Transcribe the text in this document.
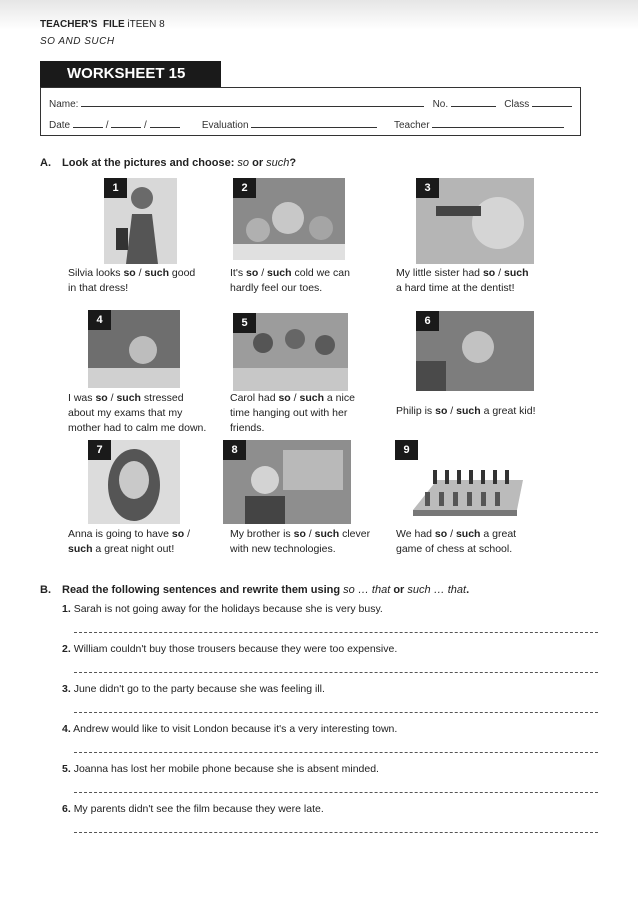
TEACHER'S FILE iTEEN 8
SO AND SUCH
WORKSHEET 15
Name:	No.	Class
Date	/	/	Evaluation	Teacher
A. Look at the pictures and choose: so or such?
1	2	3
Silvia looks so / such good
in that dress!
It's so / such cold we can
hardly feel our toes.
My little sister had so / such
a hard time at the dentist!
4	5	6
I was so / such stressed
about my exams that my
mother had to calm me down.
Carol had so / such a nice
time hanging out with her
friends.
Philip is so / such a great kid!
7	8	9
Anna is going to have so /
such a great night out!
My brother is so / such clever
with new technologies.
We had so / such a great
game of chess at school.
B. Read the following sentences and rewrite them using so … that or such … that.
1. Sarah is not going away for the holidays because she is very busy.
2. William couldn't buy those trousers because they were too expensive.
3. June didn't go to the party because she was feeling ill.
4. Andrew would like to visit London because it's a very interesting town.
5. Joanna has lost her mobile phone because she is absent minded.
6. My parents didn't see the film because they were late.
